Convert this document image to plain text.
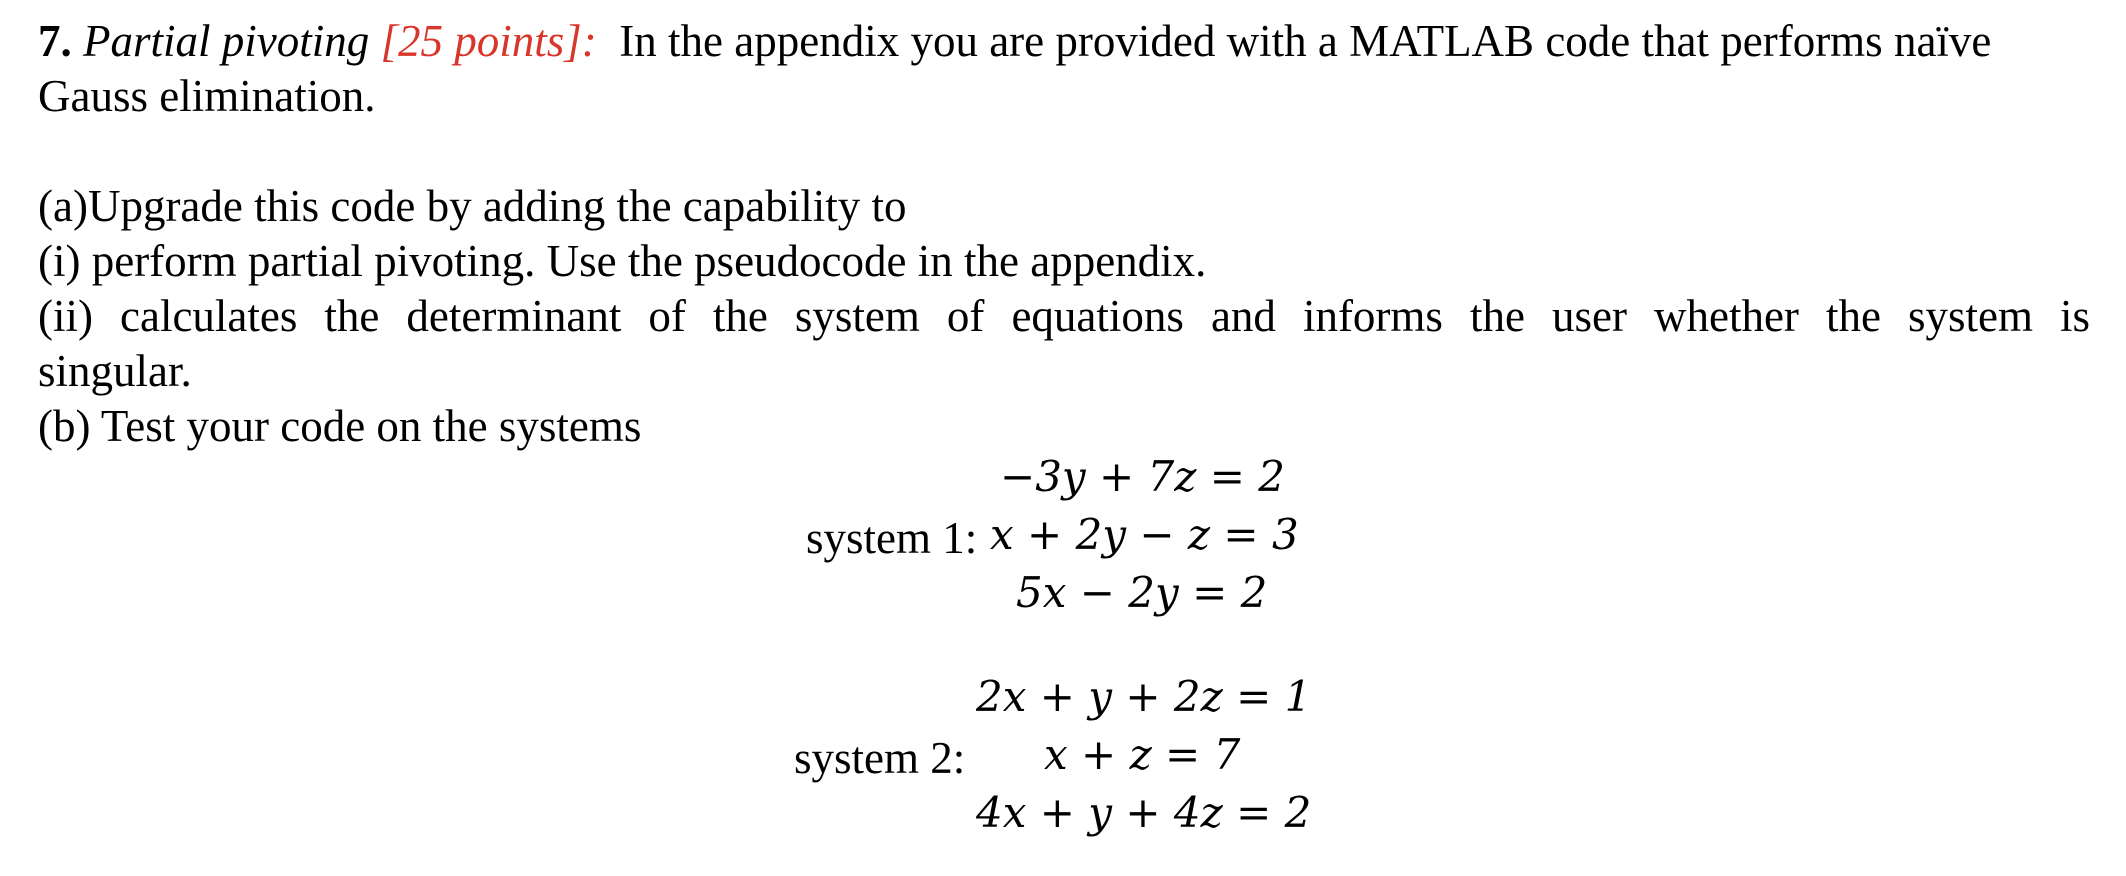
7. Partial pivoting [25 points]: In the appendix you are provided with a MATLAB code that performs naïve

Gauss elimination.

(a)Upgrade this code by adding the capability to

(i) perform partial pivoting. Use the pseudocode in the appendix.

(ii) calculates the determinant of the system of equations and informs the user whether the system is

singular.

(b) Test your code on the systems

−3y + 7z = 2
system 1: x + 2y − z = 3
5x − 2y = 2
2x + y + 2z = 1
system 2: x + z = 7
4x + y + 4z = 2
